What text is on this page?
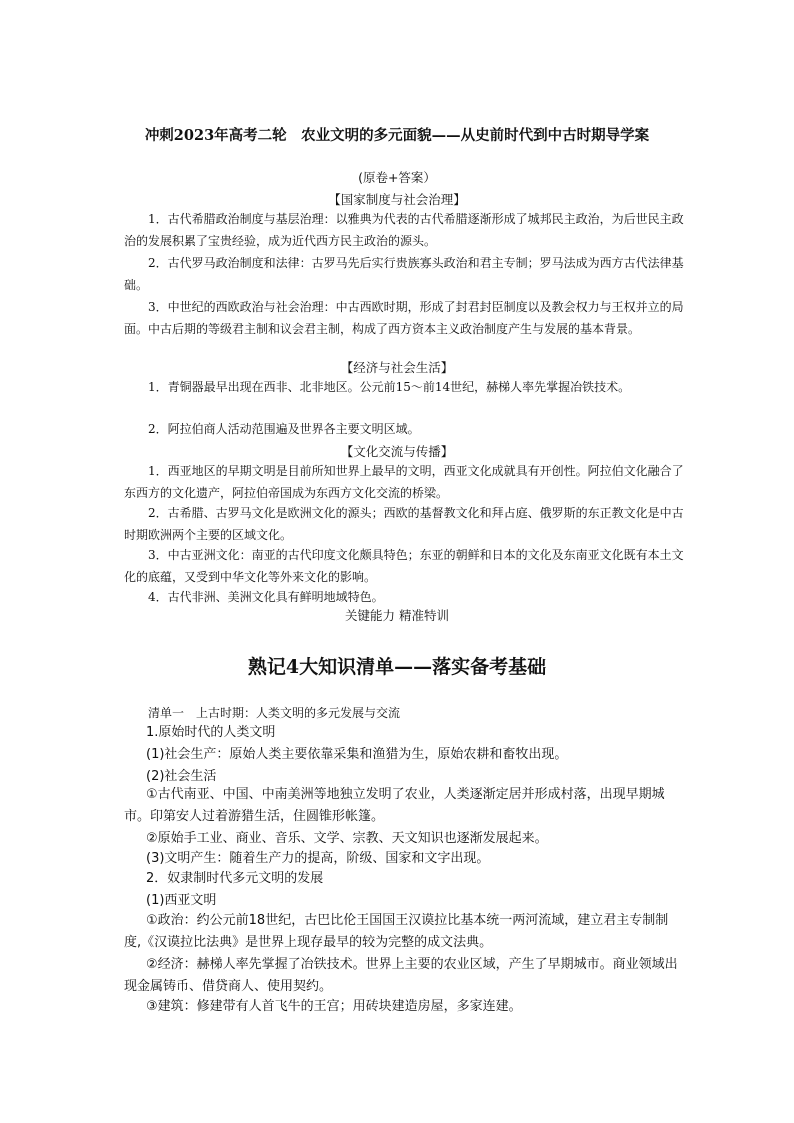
冲刺2023年高考二轮　农业文明的多元面貌——从史前时代到中古时期导学案
(原卷+答案）
【国家制度与社会治理】
1．古代希腊政治制度与基层治理：以雅典为代表的古代希腊逐渐形成了城邦民主政治，为后世民主政治的发展积累了宝贵经验，成为近代西方民主政治的源头。
2．古代罗马政治制度和法律：古罗马先后实行贵族寡头政治和君主专制；罗马法成为西方古代法律基础。
3．中世纪的西欧政治与社会治理：中古西欧时期，形成了封君封臣制度以及教会权力与王权并立的局面。中古后期的等级君主制和议会君主制，构成了西方资本主义政治制度产生与发展的基本背景。
【经济与社会生活】
1．青铜器最早出现在西非、北非地区。公元前15～前14世纪，赫梯人率先掌握冶铁技术。
2．阿拉伯商人活动范围遍及世界各主要文明区域。
【文化交流与传播】
1．西亚地区的早期文明是目前所知世界上最早的文明，西亚文化成就具有开创性。阿拉伯文化融合了东西方的文化遗产，阿拉伯帝国成为东西方文化交流的桥梁。
2．古希腊、古罗马文化是欧洲文化的源头；西欧的基督教文化和拜占庭、俄罗斯的东正教文化是中古时期欧洲两个主要的区域文化。
3．中古亚洲文化：南亚的古代印度文化颇具特色；东亚的朝鲜和日本的文化及东南亚文化既有本土文化的底蕴，又受到中华文化等外来文化的影响。
4．古代非洲、美洲文化具有鲜明地域特色。
关键能力 精准特训
熟记4大知识清单——落实备考基础
清单一　上古时期：人类文明的多元发展与交流
1.原始时代的人类文明
(1)社会生产：原始人类主要依靠采集和渔猎为生，原始农耕和畜牧出现。
(2)社会生活
①古代南亚、中国、中南美洲等地独立发明了农业，人类逐渐定居并形成村落，出现早期城市。印第安人过着游猎生活，住圆锥形帐篷。
②原始手工业、商业、音乐、文学、宗教、天文知识也逐渐发展起来。
(3)文明产生：随着生产力的提高，阶级、国家和文字出现。
2．奴隶制时代多元文明的发展
(1)西亚文明
①政治：约公元前18世纪，古巴比伦王国国王汉谟拉比基本统一两河流域，建立君主专制制度,《汉谟拉比法典》是世界上现存最早的较为完整的成文法典。
②经济：赫梯人率先掌握了冶铁技术。世界上主要的农业区域，产生了早期城市。商业领域出现金属铸币、借贷商人、使用契约。
③建筑：修建带有人首飞牛的王宫；用砖块建造房屋，多家连建。
